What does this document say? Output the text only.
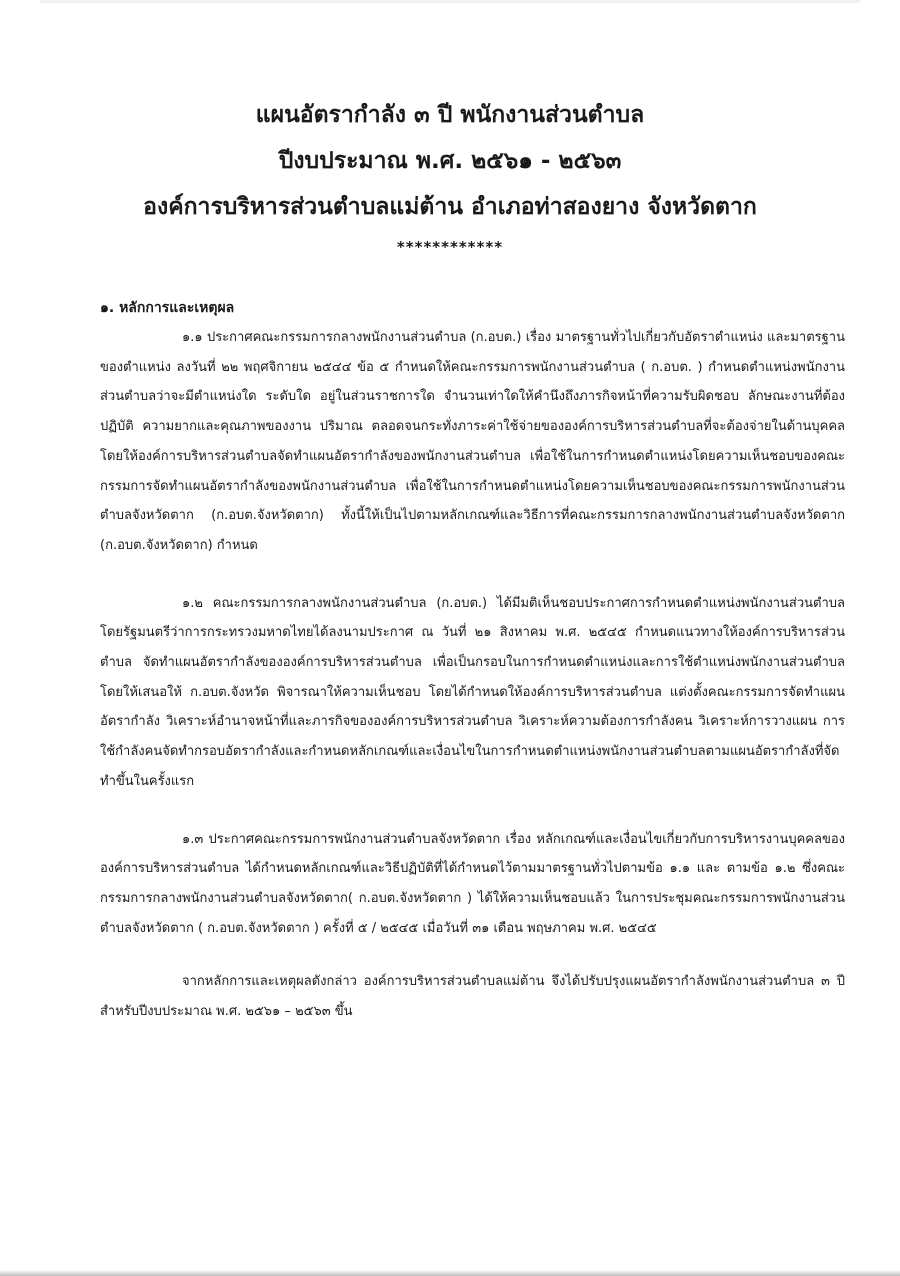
แผนอัตรากำลัง ๓ ปี พนักงานส่วนตำบล
ปีงบประมาณ พ.ศ. ๒๕๖๑ - ๒๕๖๓
องค์การบริหารส่วนตำบลแม่ต้าน อำเภอท่าสองยาง จังหวัดตาก
************
๑. หลักการและเหตุผล

๑.๑ ประกาศคณะกรรมการกลางพนักงานส่วนตำบล (ก.อบต.) เรื่อง มาตรฐานทั่วไปเกี่ยวกับอัตราตำแหน่ง และมาตรฐานของตำแหน่ง ลงวันที่ ๒๒ พฤศจิกายน ๒๕๔๔ ข้อ ๕ กำหนดให้คณะกรรมการพนักงานส่วนตำบล ( ก.อบต. ) กำหนดตำแหน่งพนักงานส่วนตำบลว่าจะมีตำแหน่งใด ระดับใด อยู่ในส่วนราชการใด จำนวนเท่าใดให้คำนึงถึงภารกิจหน้าที่ความรับผิดชอบ ลักษณะงานที่ต้องปฏิบัติ ความยากและคุณภาพของงาน ปริมาณ ตลอดจนกระทั่งภาระค่าใช้จ่ายขององค์การบริหารส่วนตำบลที่จะต้องจ่ายในด้านบุคคล โดยให้องค์การบริหารส่วนตำบลจัดทำแผนอัตรากำลังของพนักงานส่วนตำบล เพื่อใช้ในการกำหนดตำแหน่งโดยความเห็นชอบของคณะกรรมการจัดทำแผนอัตรากำลังของพนักงานส่วนตำบล เพื่อใช้ในการกำหนดตำแหน่งโดยความเห็นชอบของคณะกรรมการพนักงานส่วนตำบลจังหวัดตาก (ก.อบต.จังหวัดตาก) ทั้งนี้ให้เป็นไปตามหลักเกณฑ์และวิธีการที่คณะกรรมการกลางพนักงานส่วนตำบลจังหวัดตาก (ก.อบต.จังหวัดตาก) กำหนด

๑.๒ คณะกรรมการกลางพนักงานส่วนตำบล (ก.อบต.) ได้มีมติเห็นชอบประกาศการกำหนดตำแหน่งพนักงานส่วนตำบล โดยรัฐมนตรีว่าการกระทรวงมหาดไทยได้ลงนามประกาศ ณ วันที่ ๒๑ สิงหาคม พ.ศ. ๒๕๔๕ กำหนดแนวทางให้องค์การบริหารส่วนตำบล จัดทำแผนอัตรากำลังขององค์การบริหารส่วนตำบล เพื่อเป็นกรอบในการกำหนดตำแหน่งและการใช้ตำแหน่งพนักงานส่วนตำบล โดยให้เสนอให้ ก.อบต.จังหวัด พิจารณาให้ความเห็นชอบ โดยได้กำหนดให้องค์การบริหารส่วนตำบล แต่งตั้งคณะกรรมการจัดทำแผนอัตรากำลัง วิเคราะห์อำนาจหน้าที่และภารกิจขององค์การบริหารส่วนตำบล วิเคราะห์ความต้องการกำลังคน วิเคราะห์การวางแผน การใช้กำลังคนจัดทำกรอบอัตรากำลังและกำหนดหลักเกณฑ์และเงื่อนไขในการกำหนดตำแหน่งพนักงานส่วนตำบลตามแผนอัตรากำลังที่จัดทำขึ้นในครั้งแรก

๑.๓ ประกาศคณะกรรมการพนักงานส่วนตำบลจังหวัดตาก เรื่อง หลักเกณฑ์และเงื่อนไขเกี่ยวกับการบริหารงานบุคคลขององค์การบริหารส่วนตำบล ได้กำหนดหลักเกณฑ์และวิธีปฏิบัติที่ได้กำหนดไว้ตามมาตรฐานทั่วไปตามข้อ ๑.๑ และ ตามข้อ ๑.๒ ซึ่งคณะกรรมการกลางพนักงานส่วนตำบลจังหวัดตาก( ก.อบต.จังหวัดตาก ) ได้ให้ความเห็นชอบแล้ว ในการประชุมคณะกรรมการพนักงานส่วนตำบลจังหวัดตาก ( ก.อบต.จังหวัดตาก ) ครั้งที่ ๕ / ๒๕๔๕ เมื่อวันที่ ๓๑ เดือน พฤษภาคม พ.ศ. ๒๕๔๕

จากหลักการและเหตุผลดังกล่าว องค์การบริหารส่วนตำบลแม่ต้าน จึงได้ปรับปรุงแผนอัตรากำลังพนักงานส่วนตำบล ๓ ปี สำหรับปีงบประมาณ พ.ศ. ๒๕๖๑ – ๒๕๖๓ ขึ้น
